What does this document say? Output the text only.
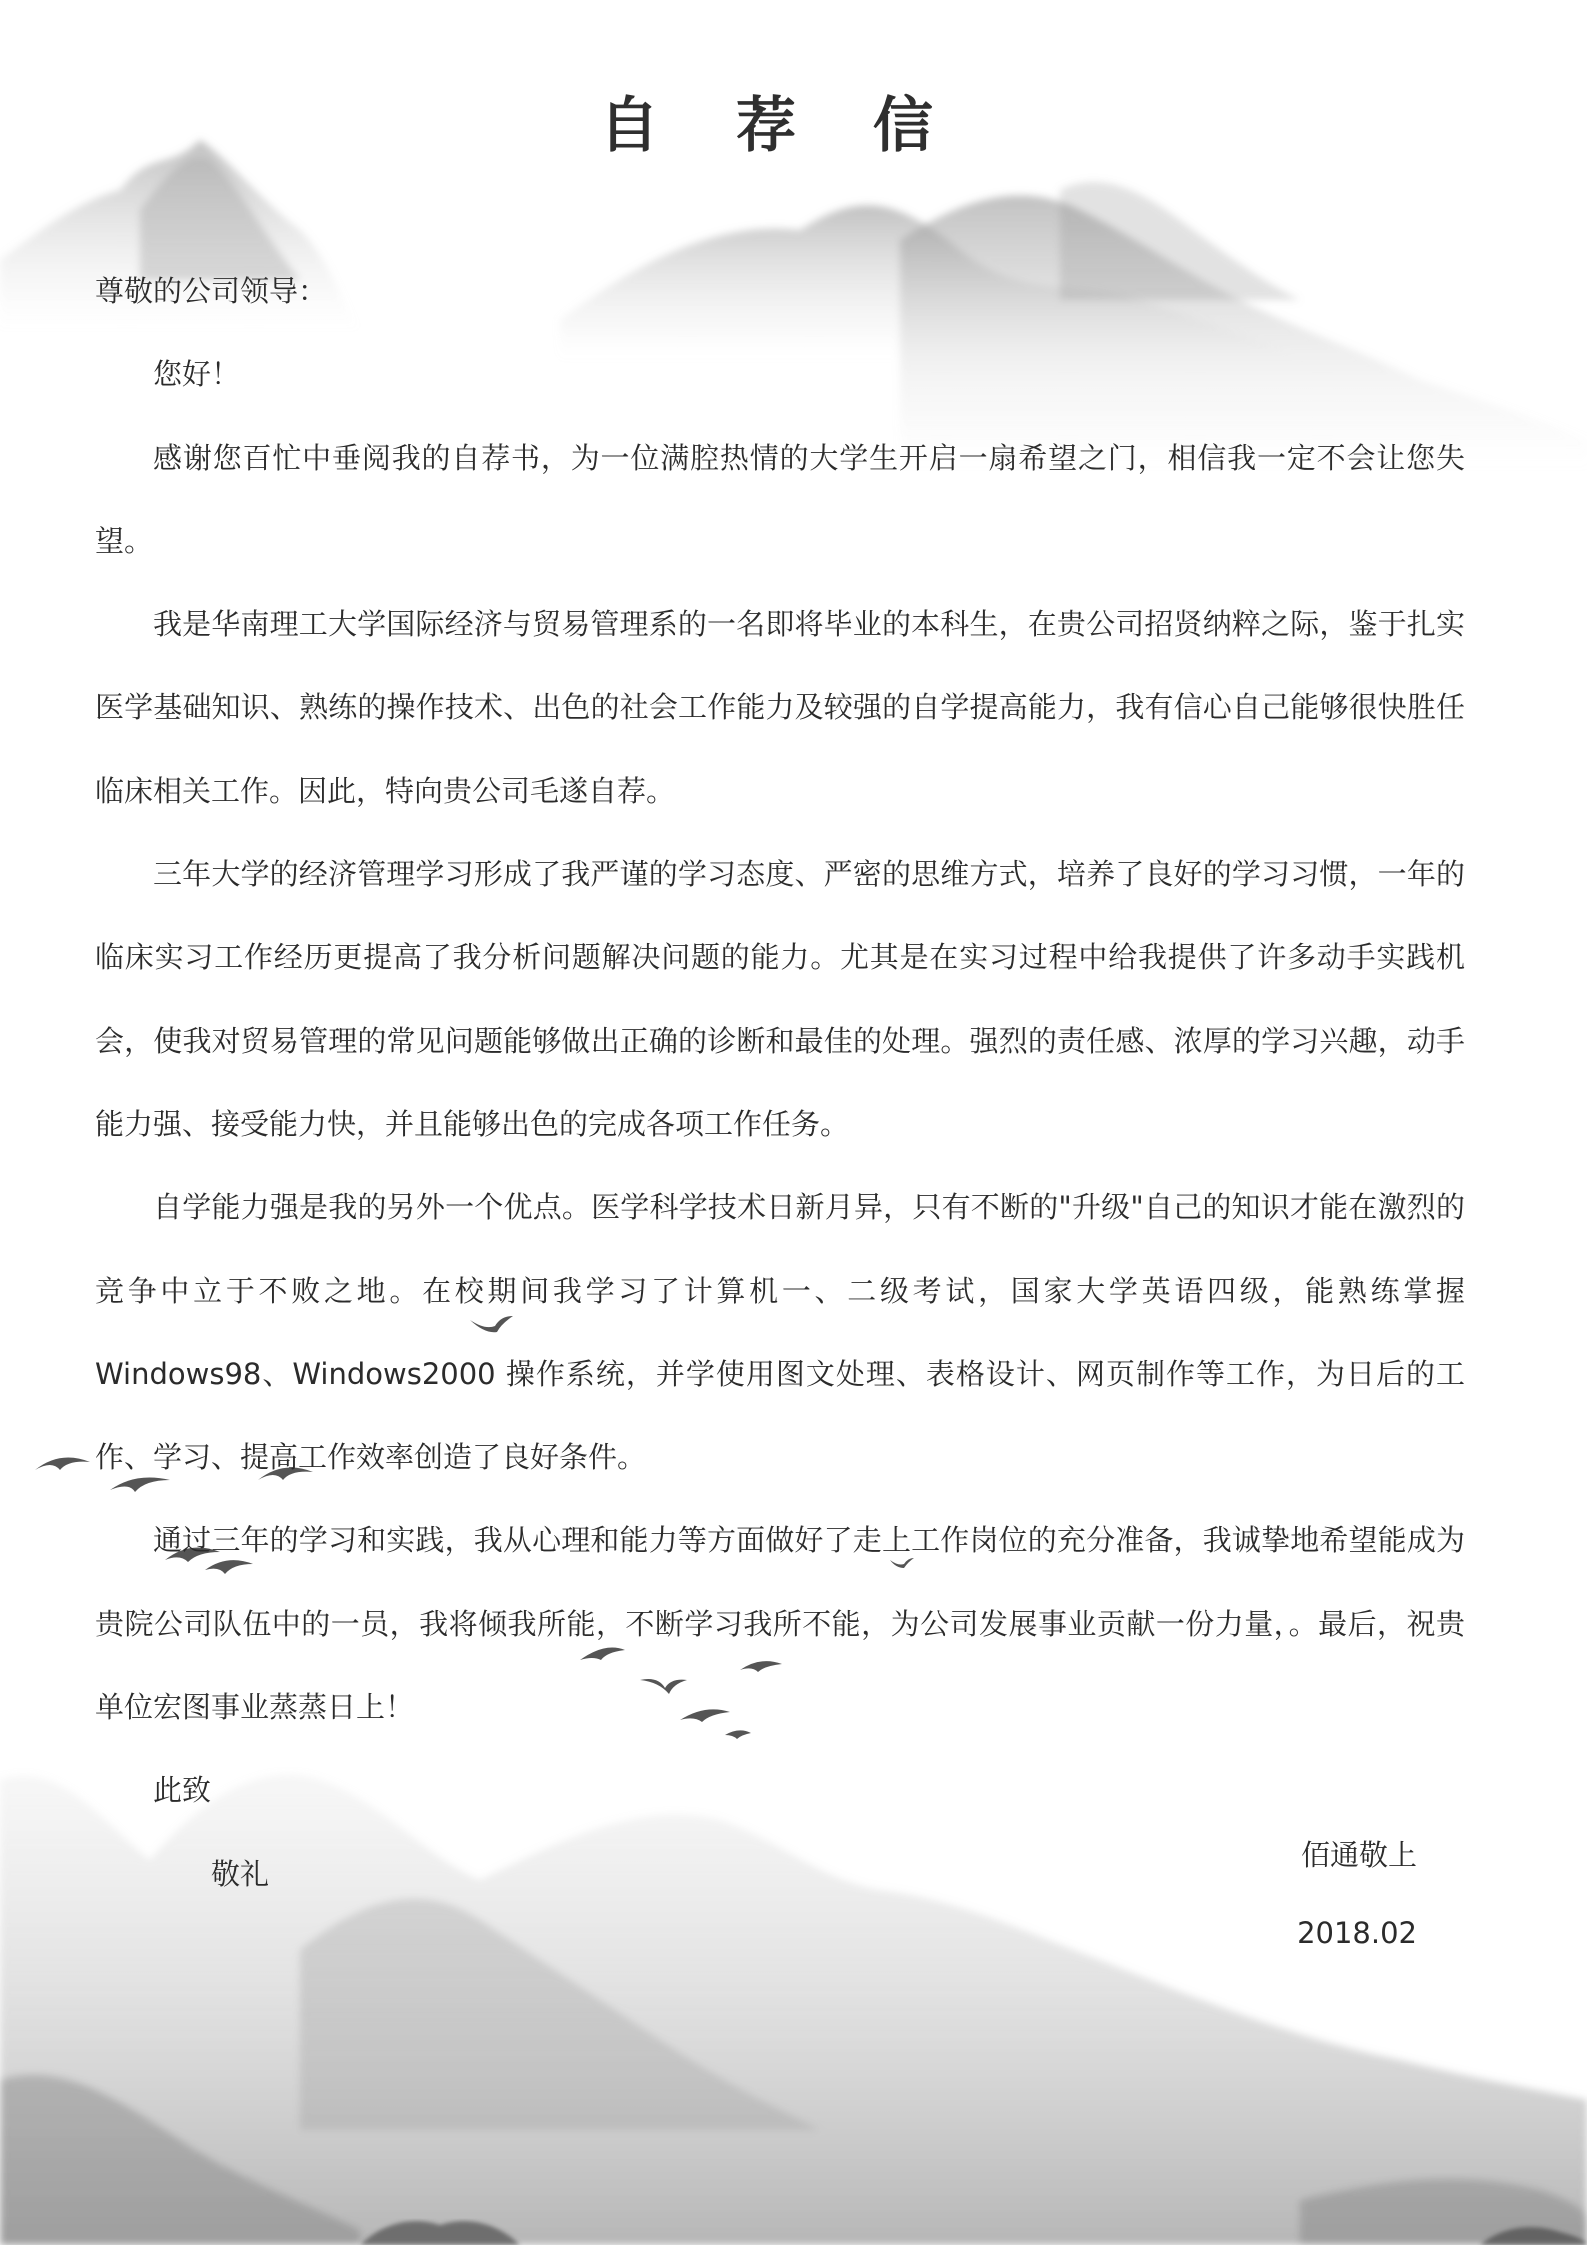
自 荐 信

尊敬的公司领导：

您好！

感谢您百忙中垂阅我的自荐书，为一位满腔热情的大学生开启一扇希望之门，相信我一定不会让您失望。

我是华南理工大学国际经济与贸易管理系的一名即将毕业的本科生，在贵公司招贤纳粹之际，鉴于扎实医学基础知识、熟练的操作技术、出色的社会工作能力及较强的自学提高能力，我有信心自己能够很快胜任临床相关工作。因此，特向贵公司毛遂自荐。

三年大学的经济管理学习形成了我严谨的学习态度、严密的思维方式，培养了良好的学习习惯，一年的临床实习工作经历更提高了我分析问题解决问题的能力。尤其是在实习过程中给我提供了许多动手实践机会，使我对贸易管理的常见问题能够做出正确的诊断和最佳的处理。强烈的责任感、浓厚的学习兴趣，动手能力强、接受能力快，并且能够出色的完成各项工作任务。

自学能力强是我的另外一个优点。医学科学技术日新月异，只有不断的"升级"自己的知识才能在激烈的竞争中立于不败之地。在校期间我学习了计算机一、二级考试，国家大学英语四级，能熟练掌握 Windows98、Windows2000 操作系统，并学使用图文处理、表格设计、网页制作等工作，为日后的工作、学习、提高工作效率创造了良好条件。

通过三年的学习和实践，我从心理和能力等方面做好了走上工作岗位的充分准备，我诚挚地希望能成为贵院公司队伍中的一员，我将倾我所能，不断学习我所不能，为公司发展事业贡献一份力量，。最后，祝贵单位宏图事业蒸蒸日上！

此致

敬礼

佰通敬上
2018.02
